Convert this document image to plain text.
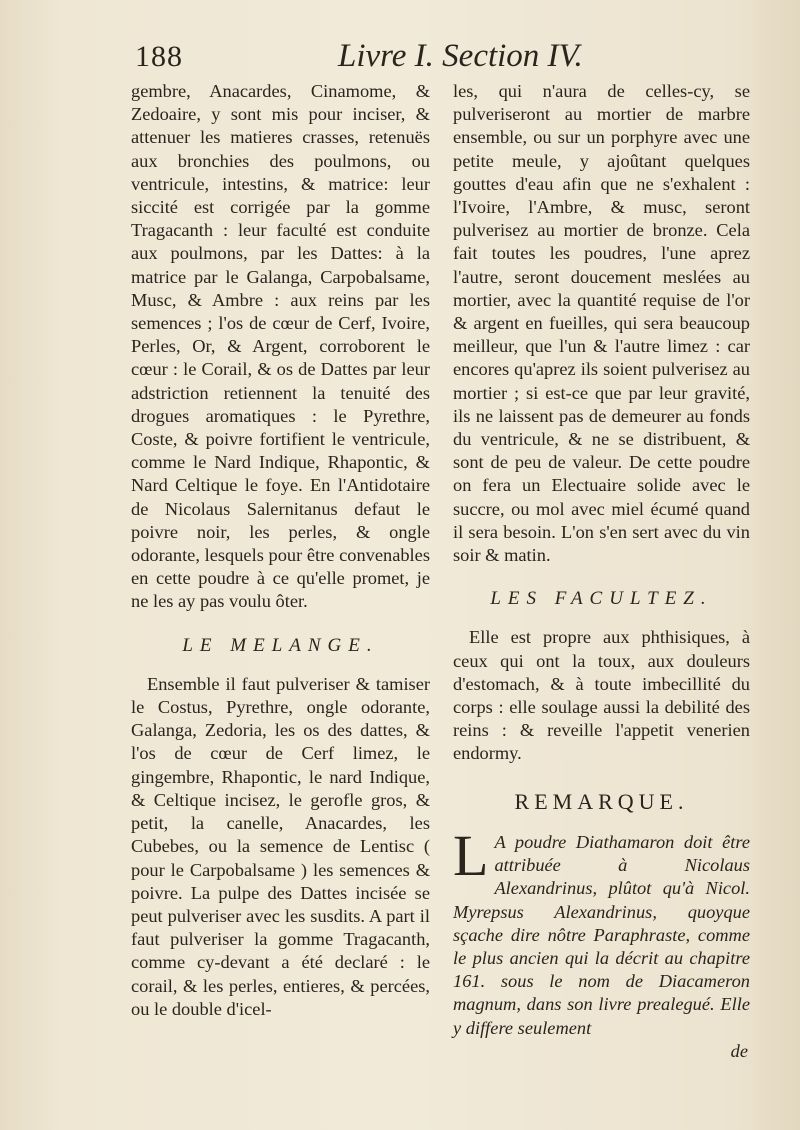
188	Livre I. Section IV.

gembre, Anacardes, Cinamome, & Zedoaire, y sont mis pour inciser, & attenuer les matieres crasses, retenuës aux bronchies des poulmons, ou ventricule, intestins, & matrice: leur siccité est corrigée par la gomme Tragacanth : leur faculté est conduite aux poulmons, par les Dattes: à la matrice par le Galanga, Carpobalsame, Musc, & Ambre : aux reins par les semences ; l'os de cœur de Cerf, Ivoire, Perles, Or, & Argent, corroborent le cœur : le Corail, & os de Dattes par leur adstriction retiennent la tenuité des drogues aromatiques : le Pyrethre, Coste, & poivre fortifient le ventricule, comme le Nard Indique, Rhapontic, & Nard Celtique le foye. En l'Antidotaire de Nicolaus Salernitanus defaut le poivre noir, les perles, & ongle odorante, lesquels pour être convenables en cette poudre à ce qu'elle promet, je ne les ay pas voulu ôter.

LE MELANGE.

Ensemble il faut pulveriser & tamiser le Costus, Pyrethre, ongle odorante, Galanga, Zedoria, les os des dattes, & l'os de cœur de Cerf limez, le gingembre, Rhapontic, le nard Indique, & Celtique incisez, le gerofle gros, & petit, la canelle, Anacardes, les Cubebes, ou la semence de Lentisc ( pour le Carpobalsame ) les semences & poivre. La pulpe des Dattes incisée se peut pulveriser avec les susdits. A part il faut pulveriser la gomme Tragacanth, comme cy-devant a été declaré : le corail, & les perles, entieres, & percées, ou le double d'icel-

les, qui n'aura de celles-cy, se pulveriseront au mortier de marbre ensemble, ou sur un porphyre avec une petite meule, y ajoûtant quelques gouttes d'eau afin que ne s'exhalent : l'Ivoire, l'Ambre, & musc, seront pulverisez au mortier de bronze. Cela fait toutes les poudres, l'une aprez l'autre, seront doucement meslées au mortier, avec la quantité requise de l'or & argent en fueilles, qui sera beaucoup meilleur, que l'un & l'autre limez : car encores qu'aprez ils soient pulverisez au mortier ; si est-ce que par leur gravité, ils ne laissent pas de demeurer au fonds du ventricule, & ne se distribuent, & sont de peu de valeur. De cette poudre on fera un Electuaire solide avec le succre, ou mol avec miel écumé quand il sera besoin. L'on s'en sert avec du vin soir & matin.

LES FACULTEZ.

Elle est propre aux phthisiques, à ceux qui ont la toux, aux douleurs d'estomach, & à toute imbecillité du corps : elle soulage aussi la debilité des reins : & reveille l'appetit venerien endormy.

REMARQUE.

L A poudre Diathamaron doit être attribuée à Nicolaus Alexandrinus, plûtot qu'à Nicol. Myrepsus Alexandrinus, quoyque sçache dire nôtre Paraphraste, comme le plus ancien qui la décrit au chapitre 161. sous le nom de Diacameron magnum, dans son livre prealegué. Elle y differe seulement

de
